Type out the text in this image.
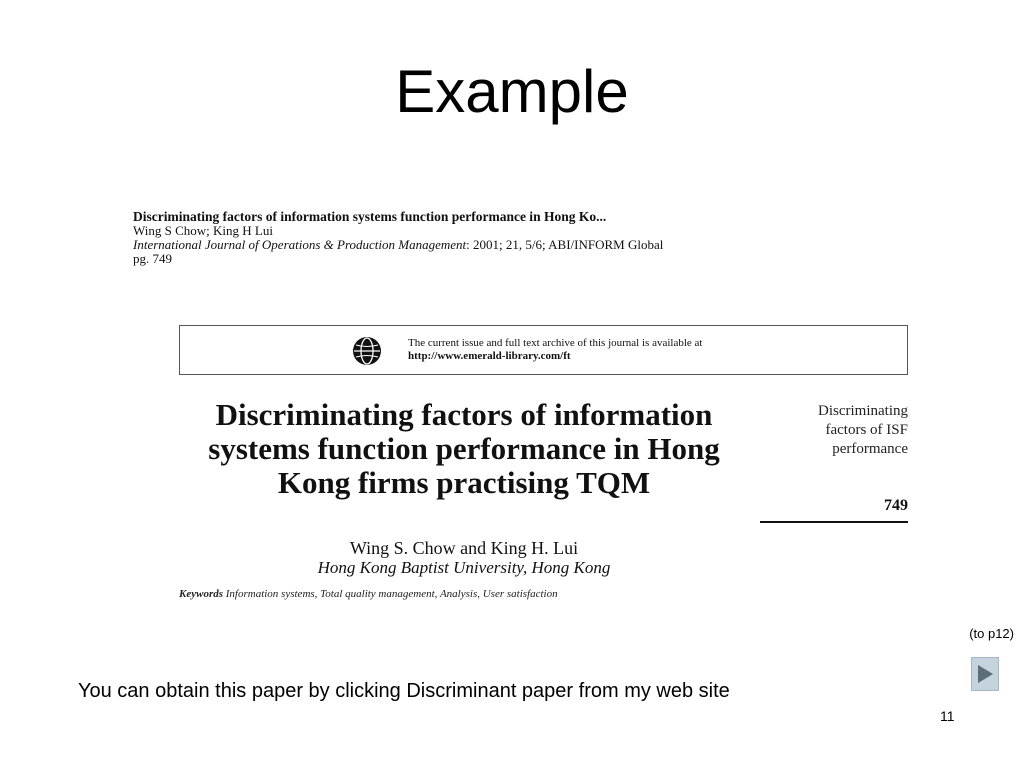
Example
Discriminating factors of information systems function performance in Hong Ko...
Wing S Chow; King H Lui
International Journal of Operations & Production Management: 2001; 21, 5/6; ABI/INFORM Global
pg. 749
The current issue and full text archive of this journal is available at
http://www.emerald-library.com/ft
Discriminating factors of information systems function performance in Hong Kong firms practising TQM
Discriminating
factors of ISF
performance
749
Wing S. Chow and King H. Lui
Hong Kong Baptist University, Hong Kong
Keywords Information systems, Total quality management, Analysis, User satisfaction
(to p12)
You can obtain this paper by clicking Discriminant paper from my web site
11
